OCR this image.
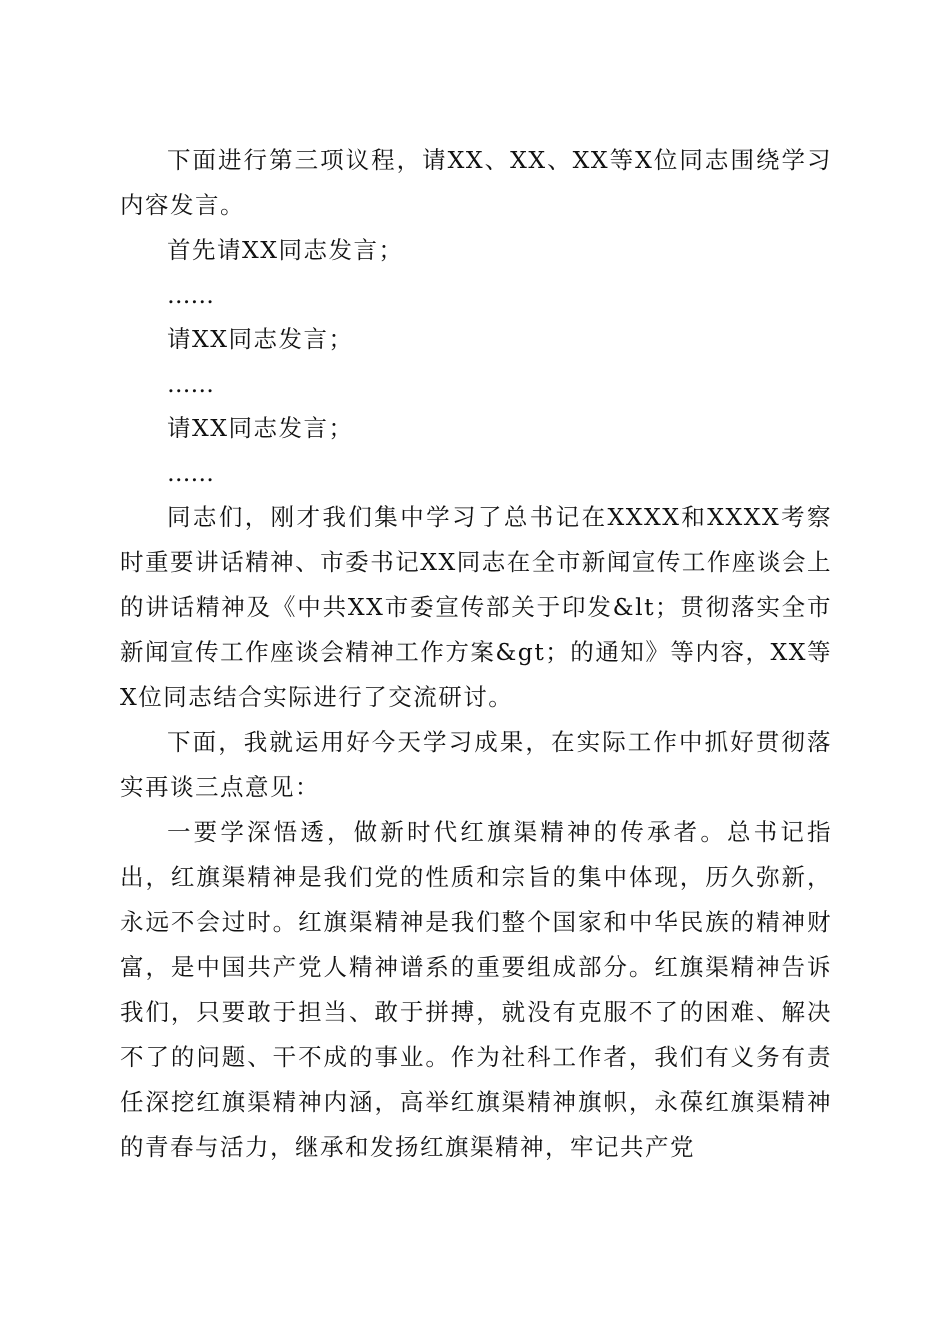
下面进行第三项议程，请XX、XX、XX等X位同志围绕学习内容发言。

首先请XX同志发言；

……

请XX同志发言；

……

请XX同志发言；

……

同志们，刚才我们集中学习了总书记在XXXX和XXXX考察时重要讲话精神、市委书记XX同志在全市新闻宣传工作座谈会上的讲话精神及《中共XX市委宣传部关于印发&lt；贯彻落实全市新闻宣传工作座谈会精神工作方案&gt；的通知》等内容，XX等X位同志结合实际进行了交流研讨。

下面，我就运用好今天学习成果，在实际工作中抓好贯彻落实再谈三点意见：

一要学深悟透，做新时代红旗渠精神的传承者。总书记指出，红旗渠精神是我们党的性质和宗旨的集中体现，历久弥新，永远不会过时。红旗渠精神是我们整个国家和中华民族的精神财富，是中国共产党人精神谱系的重要组成部分。红旗渠精神告诉我们，只要敢于担当、敢于拼搏，就没有克服不了的困难、解决不了的问题、干不成的事业。作为社科工作者，我们有义务有责任深挖红旗渠精神内涵，高举红旗渠精神旗帜，永葆红旗渠精神的青春与活力，继承和发扬红旗渠精神，牢记共产党
